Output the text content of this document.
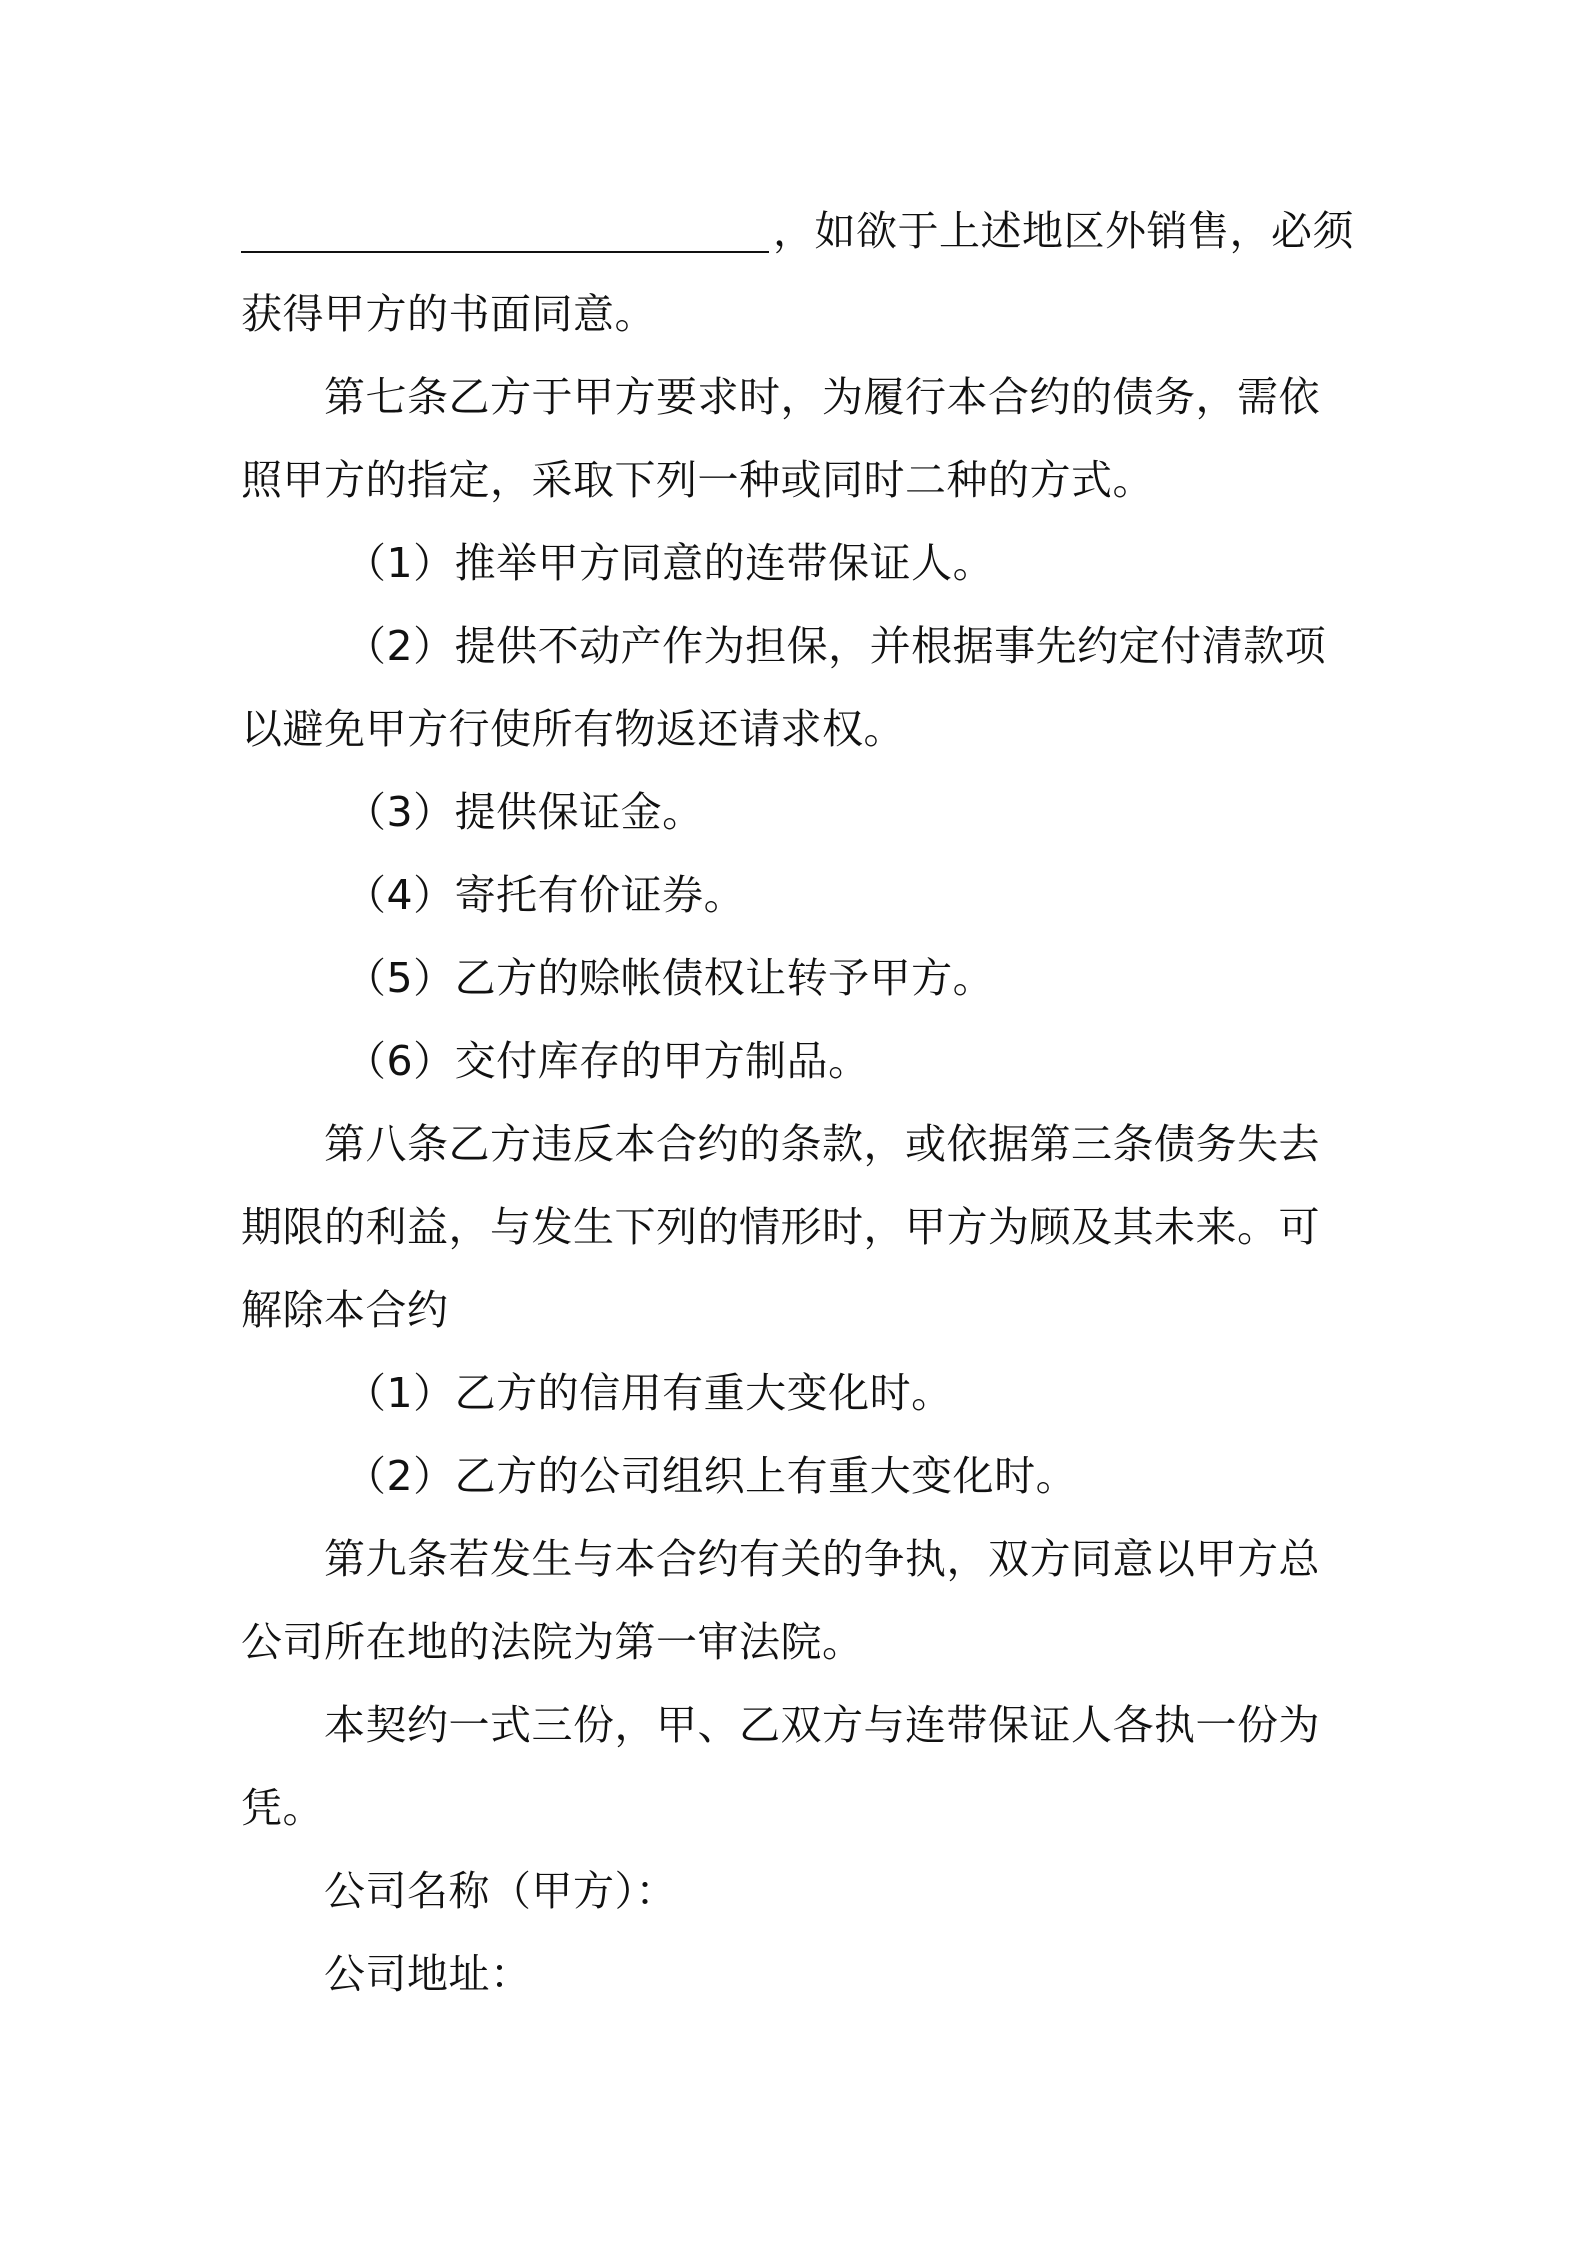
，如欲于上述地区外销售，必须
获得甲方的书面同意。
第七条乙方于甲方要求时，为履行本合约的债务，需依
照甲方的指定，采取下列一种或同时二种的方式。
（1）推举甲方同意的连带保证人。
（2）提供不动产作为担保，并根据事先约定付清款项
以避免甲方行使所有物返还请求权。
（3）提供保证金。
（4）寄托有价证券。
（5）乙方的赊帐债权让转予甲方。
（6）交付库存的甲方制品。
第八条乙方违反本合约的条款，或依据第三条债务失去
期限的利益，与发生下列的情形时，甲方为顾及其未来。可
解除本合约
（1）乙方的信用有重大变化时。
（2）乙方的公司组织上有重大变化时。
第九条若发生与本合约有关的争执，双方同意以甲方总
公司所在地的法院为第一审法院。
本契约一式三份，甲、乙双方与连带保证人各执一份为
凭。
公司名称（甲方）：
公司地址：
